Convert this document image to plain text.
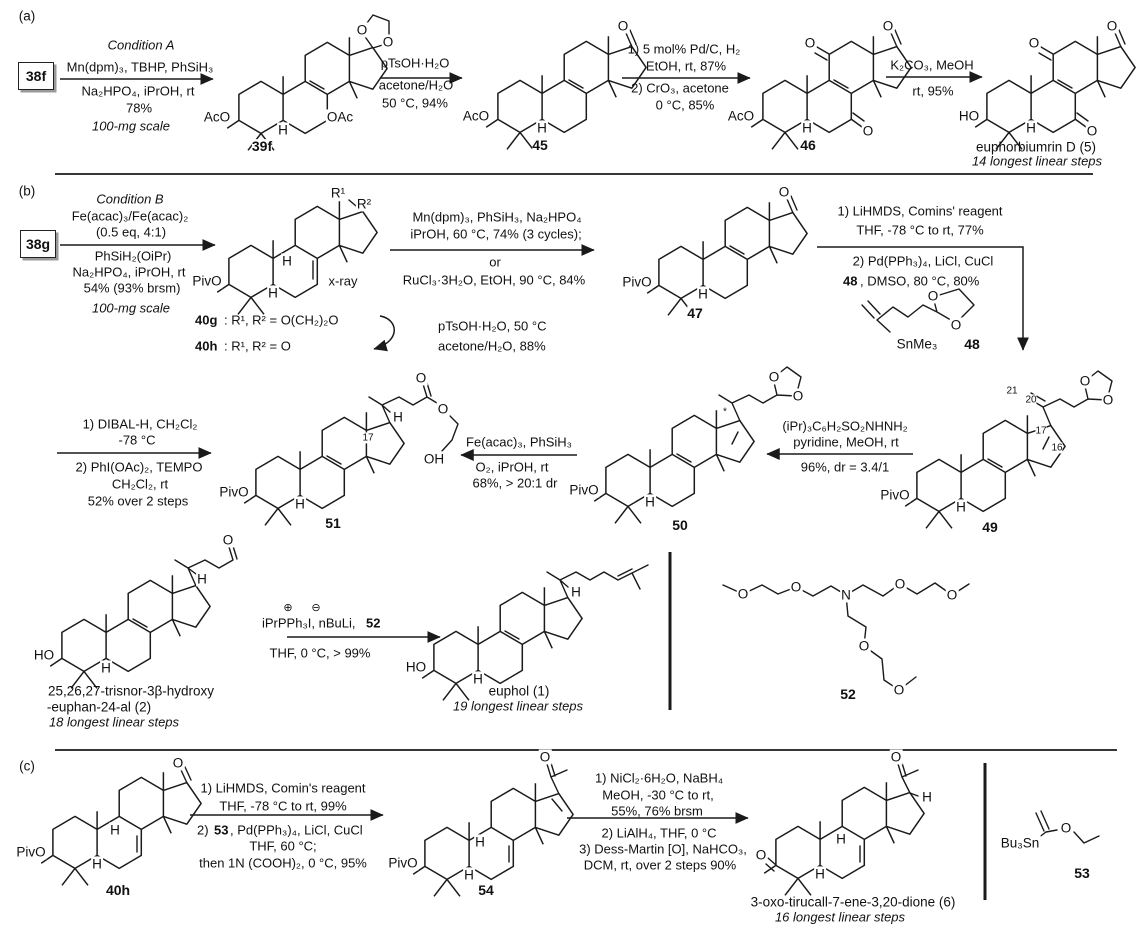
38f
38g
(a)
Condition A
Mn(dpm)₃, TBHP, PhSiH₃
Na₂HPO₄, iPrOH, rt
78%
100-mg scale
AcO	OAc
H
O
O
39f
pTsOH·H₂O
acetone/H₂O
50 °C, 94%
AcO
H
O
45
1) 5 mol% Pd/C, H₂
EtOH, rt, 87%
2) CrO₃, acetone
0 °C, 85%
AcO
H
O
O
O
46
K₂CO₃, MeOH
rt, 95%
HO
H
O
O
O
euphorbiumrin D (5)
14 longest linear steps
(b)
Condition B
Fe(acac)₃/Fe(acac)₂
(0.5 eq, 4:1)
PhSiH₂(OiPr)
Na₂HPO₄, iPrOH, rt
54% (93% brsm)
100-mg scale
R¹
R²
PivO
H
H
x-ray
40g : R¹, R² = O(CH₂)₂O
40h : R¹, R² = O
pTsOH·H₂O, 50 °C
acetone/H₂O, 88%
Mn(dpm)₃, PhSiH₃, Na₂HPO₄
iPrOH, 60 °C, 74% (3 cycles);
or
RuCl₃·3H₂O, EtOH, 90 °C, 84%	PivO
H
O
47
1) LiHMDS, Comins' reagent
THF, -78 °C to rt, 77%
2) Pd(PPh₃)₄, LiCl, CuCl
48 , DMSO, 80 °C, 80%
SnMe₃
O
O
48
21
20
17
16
O
O
PivO
H
49
(iPr)₃C₆H₂SO₂NHNH₂
pyridine, MeOH, rt
96%, dr = 3.4/1
*
O
O
PivO
H
50
Fe(acac)₃, PhSiH₃
O₂, iPrOH, rt
68%, > 20:1 dr
O
O
OH
H
17
PivO
H
51
1) DIBAL-H, CH₂Cl₂
-78 °C
2) PhI(OAc)₂, TEMPO
CH₂Cl₂, rt
52% over 2 steps
O
H
HO
H
25,26,27-trisnor-3β-hydroxy
-euphan-24-al (2)
18 longest linear steps
⊕ ⊖
iPrPPh₃I, nBuLi, 52
THF, 0 °C, > 99%
HO
H
H
euphol (1)
19 longest linear steps
N
O	O	O
O
O
O
52
(c)
PivO
H
H
O
40h
1) LiHMDS, Comin's reagent
THF, -78 °C to rt, 99%
2) 53 , Pd(PPh₃)₄, LiCl, CuCl
THF, 60 °C;
then 1N (COOH)₂, 0 °C, 95% PivO
H
H
O
54
1) NiCl₂·6H₂O, NaBH₄
MeOH, -30 °C to rt,
55%, 76% brsm
2) LiAlH₄, THF, 0 °C
3) Dess-Martin [O], NaHCO₃,
DCM, rt, over 2 steps 90%
O
O
H
H
H
3-oxo-tirucall-7-ene-3,20-dione (6)
16 longest linear steps
Bu₃Sn
O
53
